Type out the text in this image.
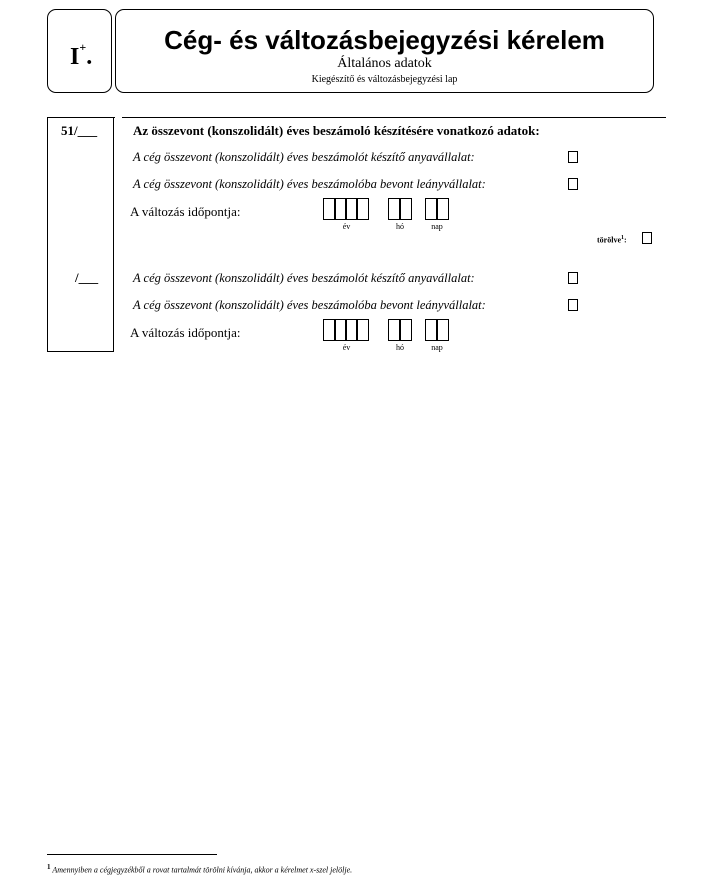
I+.
Cég- és változásbejegyzési kérelem
Általános adatok
Kiegészítő és változásbejegyzési lap
51/___	Az összevont (konszolidált) éves beszámoló készítésére vonatkozó adatok:
A cég összevont (konszolidált) éves beszámolót készítő anyavállalat:
A cég összevont (konszolidált) éves beszámolóba bevont leányvállalat:
A változás időpontja:
év	hó	nap
törölve$^1$:
/___	A cég összevont (konszolidált) éves beszámolót készítő anyavállalat:
A cég összevont (konszolidált) éves beszámolóba bevont leányvállalat:
A változás időpontja:
év	hó	nap
$^1$ Amennyiben a cégjegyzékből a rovat tartalmát törölni kívánja, akkor a kérelmet x-szel jelölje.
